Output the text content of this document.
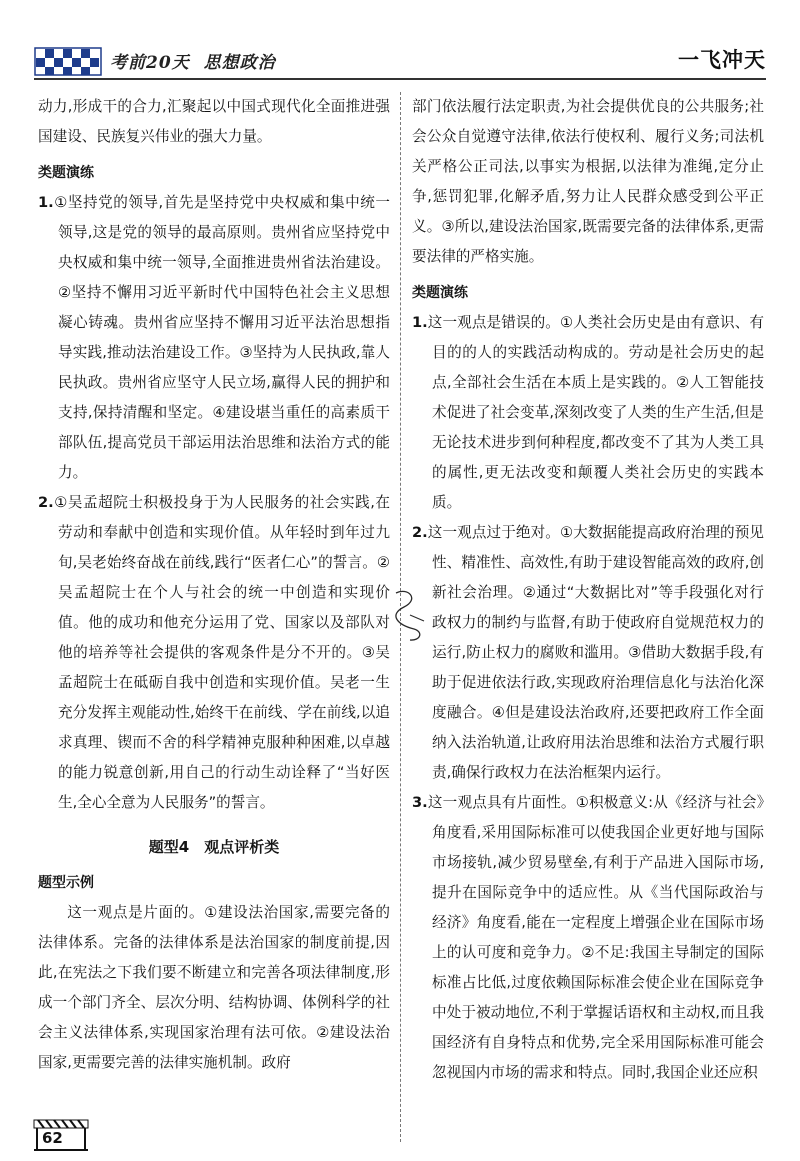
考前20天 思想政治	一飞冲天

动力,形成干的合力,汇聚起以中国式现代化全面推进强国建设、民族复兴伟业的强大力量。

类题演练

1.①坚持党的领导,首先是坚持党中央权威和集中统一领导,这是党的领导的最高原则。贵州省应坚持党中央权威和集中统一领导,全面推进贵州省法治建设。②坚持不懈用习近平新时代中国特色社会主义思想凝心铸魂。贵州省应坚持不懈用习近平法治思想指导实践,推动法治建设工作。③坚持为人民执政,靠人民执政。贵州省应坚守人民立场,赢得人民的拥护和支持,保持清醒和坚定。④建设堪当重任的高素质干部队伍,提高党员干部运用法治思维和法治方式的能力。

2.①吴孟超院士积极投身于为人民服务的社会实践,在劳动和奉献中创造和实现价值。从年轻时到年过九旬,吴老始终奋战在前线,践行“医者仁心”的誓言。②吴孟超院士在个人与社会的统一中创造和实现价值。他的成功和他充分运用了党、国家以及部队对他的培养等社会提供的客观条件是分不开的。③吴孟超院士在砥砺自我中创造和实现价值。吴老一生充分发挥主观能动性,始终干在前线、学在前线,以追求真理、锲而不舍的科学精神克服种种困难,以卓越的能力锐意创新,用自己的行动生动诠释了“当好医生,全心全意为人民服务”的誓言。

题型4　观点评析类

题型示例

这一观点是片面的。①建设法治国家,需要完备的法律体系。完备的法律体系是法治国家的制度前提,因此,在宪法之下我们要不断建立和完善各项法律制度,形成一个部门齐全、层次分明、结构协调、体例科学的社会主义法律体系,实现国家治理有法可依。②建设法治国家,更需要完善的法律实施机制。政府

部门依法履行法定职责,为社会提供优良的公共服务;社会公众自觉遵守法律,依法行使权利、履行义务;司法机关严格公正司法,以事实为根据,以法律为准绳,定分止争,惩罚犯罪,化解矛盾,努力让人民群众感受到公平正义。③所以,建设法治国家,既需要完备的法律体系,更需要法律的严格实施。

类题演练

1.这一观点是错误的。①人类社会历史是由有意识、有目的的人的实践活动构成的。劳动是社会历史的起点,全部社会生活在本质上是实践的。②人工智能技术促进了社会变革,深刻改变了人类的生产生活,但是无论技术进步到何种程度,都改变不了其为人类工具的属性,更无法改变和颠覆人类社会历史的实践本质。

2.这一观点过于绝对。①大数据能提高政府治理的预见性、精准性、高效性,有助于建设智能高效的政府,创新社会治理。②通过“大数据比对”等手段强化对行政权力的制约与监督,有助于使政府自觉规范权力的运行,防止权力的腐败和滥用。③借助大数据手段,有助于促进依法行政,实现政府治理信息化与法治化深度融合。④但是建设法治政府,还要把政府工作全面纳入法治轨道,让政府用法治思维和法治方式履行职责,确保行政权力在法治框架内运行。

3.这一观点具有片面性。①积极意义:从《经济与社会》角度看,采用国际标准可以使我国企业更好地与国际市场接轨,减少贸易壁垒,有利于产品进入国际市场,提升在国际竞争中的适应性。从《当代国际政治与经济》角度看,能在一定程度上增强企业在国际市场上的认可度和竞争力。②不足:我国主导制定的国际标准占比低,过度依赖国际标准会使企业在国际竞争中处于被动地位,不利于掌握话语权和主动权,而且我国经济有自身特点和优势,完全采用国际标准可能会忽视国内市场的需求和特点。同时,我国企业还应积

62
